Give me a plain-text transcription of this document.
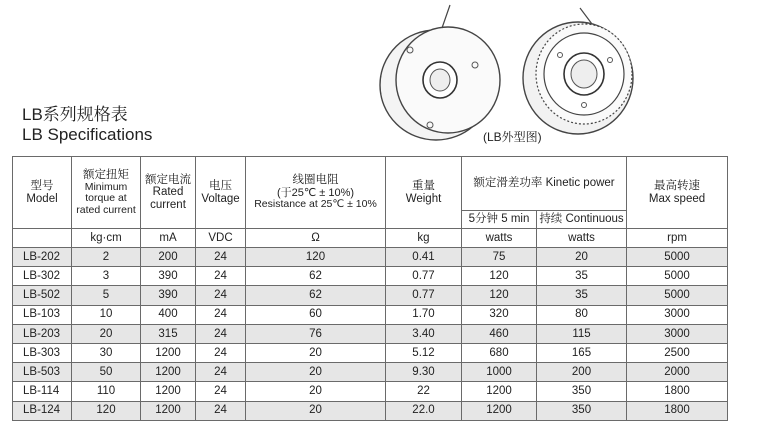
(LB外型图)
LB系列规格表
LB Specifications
型号
Model	额定扭矩
Minimum
torque at
rated current	额定电流
Rated
current	电压
Voltage	线圈电阻
(于25℃ ± 10%)
Resistance at 25℃ ± 10%	重量
Weight	额定滑差功率 Kinetic power		最高转速
Max speed

						5分钟 5 min	持续 Continuous	
	kg·cm	mA	VDC	Ω	kg	watts	watts	rpm
LB-202	2	200	24	120	0.41	75	20	5000
LB-302	3	390	24	62	0.77	120	35	5000
LB-502	5	390	24	62	0.77	120	35	5000
LB-103	10	400	24	60	1.70	320	80	3000
LB-203	20	315	24	76	3.40	460	115	3000
LB-303	30	1200	24	20	5.12	680	165	2500
LB-503	50	1200	24	20	9.30	1000	200	2000
LB-114	110	1200	24	20	22	1200	350	1800
LB-124	120	1200	24	20	22.0	1200	350	1800
